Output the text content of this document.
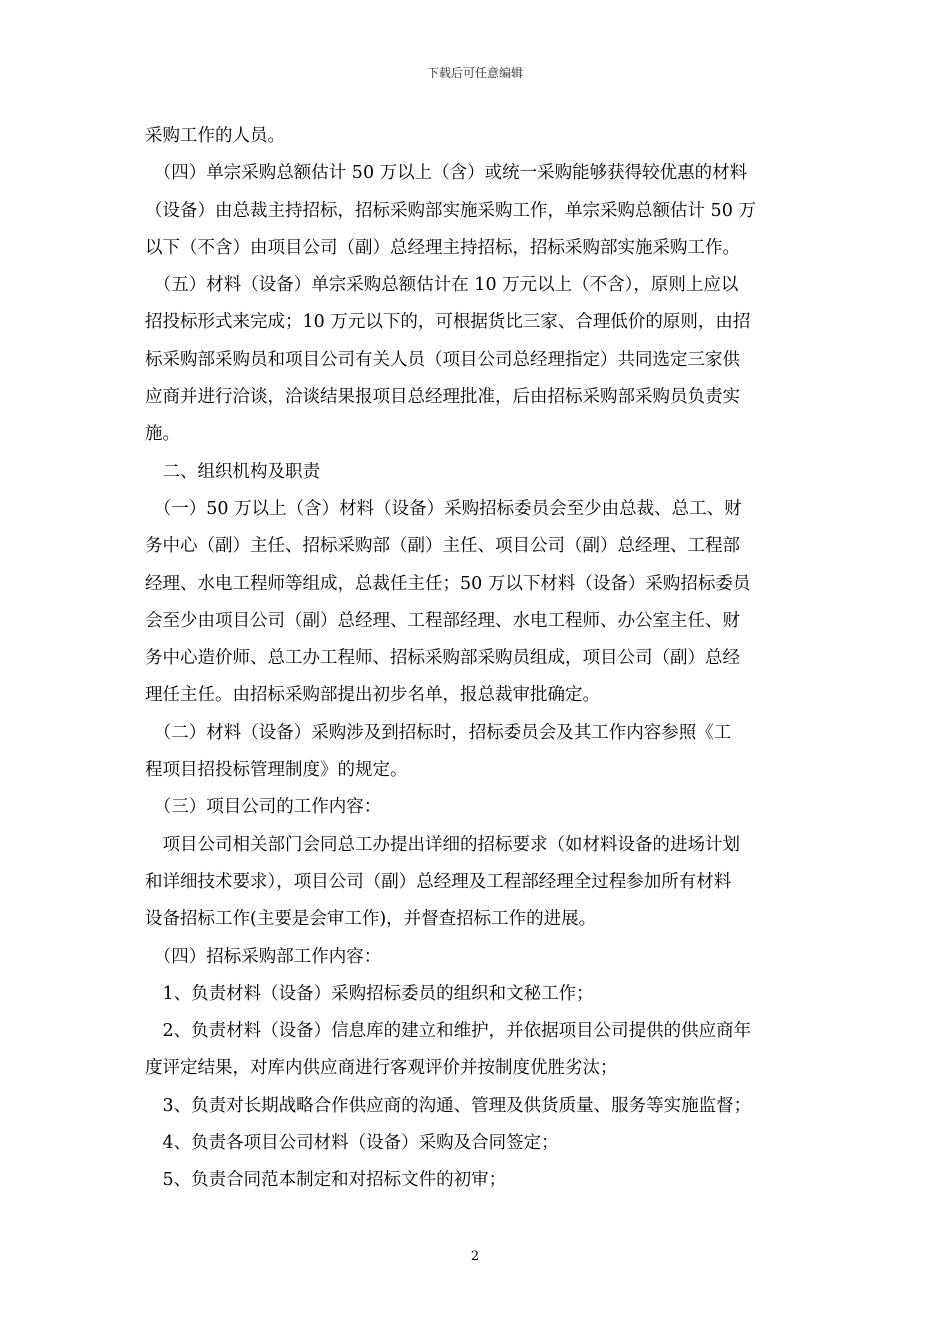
下载后可任意编辑

采购工作的人员。

　（四）单宗采购总额估计 50 万以上（含）或统一采购能够获得较优惠的材料

（设备）由总裁主持招标，招标采购部实施采购工作，单宗采购总额估计 50 万

以下（不含）由项目公司（副）总经理主持招标，招标采购部实施采购工作。

　（五）材料（设备）单宗采购总额估计在 10 万元以上（不含），原则上应以

招投标形式来完成；10 万元以下的，可根据货比三家、合理低价的原则，由招

标采购部采购员和项目公司有关人员（项目公司总经理指定）共同选定三家供

应商并进行洽谈，洽谈结果报项目总经理批准，后由招标采购部采购员负责实

施。

　二、组织机构及职责

　（一）50 万以上（含）材料（设备）采购招标委员会至少由总裁、总工、财

务中心（副）主任、招标采购部（副）主任、项目公司（副）总经理、工程部

经理、水电工程师等组成，总裁任主任；50 万以下材料（设备）采购招标委员

会至少由项目公司（副）总经理、工程部经理、水电工程师、办公室主任、财

务中心造价师、总工办工程师、招标采购部采购员组成，项目公司（副）总经

理任主任。由招标采购部提出初步名单，报总裁审批确定。

　（二）材料（设备）采购涉及到招标时，招标委员会及其工作内容参照《工

程项目招投标管理制度》的规定。

　（三）项目公司的工作内容：

　项目公司相关部门会同总工办提出详细的招标要求（如材料设备的进场计划

和详细技术要求），项目公司（副）总经理及工程部经理全过程参加所有材料

设备招标工作(主要是会审工作)，并督查招标工作的进展。

　（四）招标采购部工作内容：

　1、负责材料（设备）采购招标委员的组织和文秘工作；

　2、负责材料（设备）信息库的建立和维护，并依据项目公司提供的供应商年

度评定结果，对库内供应商进行客观评价并按制度优胜劣汰；

　3、负责对长期战略合作供应商的沟通、管理及供货质量、服务等实施监督；

　4、负责各项目公司材料（设备）采购及合同签定；

　5、负责合同范本制定和对招标文件的初审；

2
